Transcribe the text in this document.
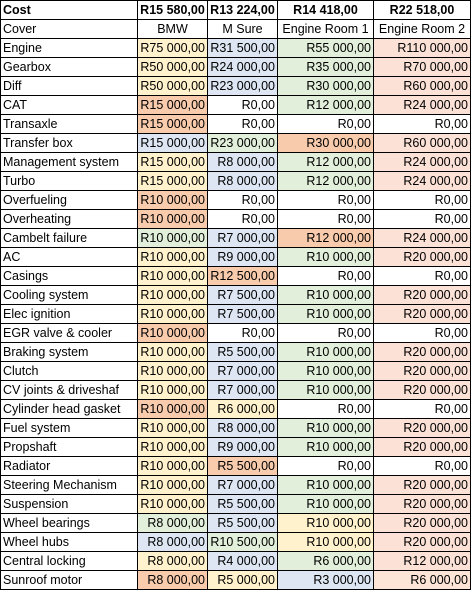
Cost	R15 580,00	R13 224,00	R14 418,00	R22 518,00
Cover	BMW	M Sure	Engine Room 1	Engine Room 2
Engine	R75 000,00	R31 500,00	R55 000,00	R110 000,00
Gearbox	R50 000,00	R24 000,00	R35 000,00	R70 000,00
Diff	R50 000,00	R23 000,00	R30 000,00	R60 000,00
CAT	R15 000,00	R0,00	R12 000,00	R24 000,00
Transaxle	R15 000,00	R0,00	R0,00	R0,00
Transfer box	R15 000,00	R23 000,00	R30 000,00	R60 000,00
Management system	R15 000,00	R8 000,00	R12 000,00	R24 000,00
Turbo	R15 000,00	R8 000,00	R12 000,00	R24 000,00
Overfueling	R10 000,00	R0,00	R0,00	R0,00
Overheating	R10 000,00	R0,00	R0,00	R0,00
Cambelt failure	R10 000,00	R7 000,00	R12 000,00	R24 000,00
AC	R10 000,00	R9 000,00	R10 000,00	R20 000,00
Casings	R10 000,00	R12 500,00	R0,00	R0,00
Cooling system	R10 000,00	R7 500,00	R10 000,00	R20 000,00
Elec ignition	R10 000,00	R7 500,00	R10 000,00	R20 000,00
EGR valve & cooler	R10 000,00	R0,00	R0,00	R0,00
Braking system	R10 000,00	R5 500,00	R10 000,00	R20 000,00
Clutch	R10 000,00	R7 000,00	R10 000,00	R20 000,00
CV joints & driveshaf	R10 000,00	R7 000,00	R10 000,00	R20 000,00
Cylinder head gasket	R10 000,00	R6 000,00	R0,00	R0,00
Fuel system	R10 000,00	R8 000,00	R10 000,00	R20 000,00
Propshaft	R10 000,00	R9 000,00	R10 000,00	R20 000,00
Radiator	R10 000,00	R5 500,00	R0,00	R0,00
Steering Mechanism	R10 000,00	R7 000,00	R10 000,00	R20 000,00
Suspension	R10 000,00	R5 500,00	R10 000,00	R20 000,00
Wheel bearings	R8 000,00	R5 500,00	R10 000,00	R20 000,00
Wheel hubs	R8 000,00	R10 500,00	R10 000,00	R20 000,00
Central locking	R8 000,00	R4 000,00	R6 000,00	R12 000,00
Sunroof motor	R8 000,00	R5 000,00	R3 000,00	R6 000,00
